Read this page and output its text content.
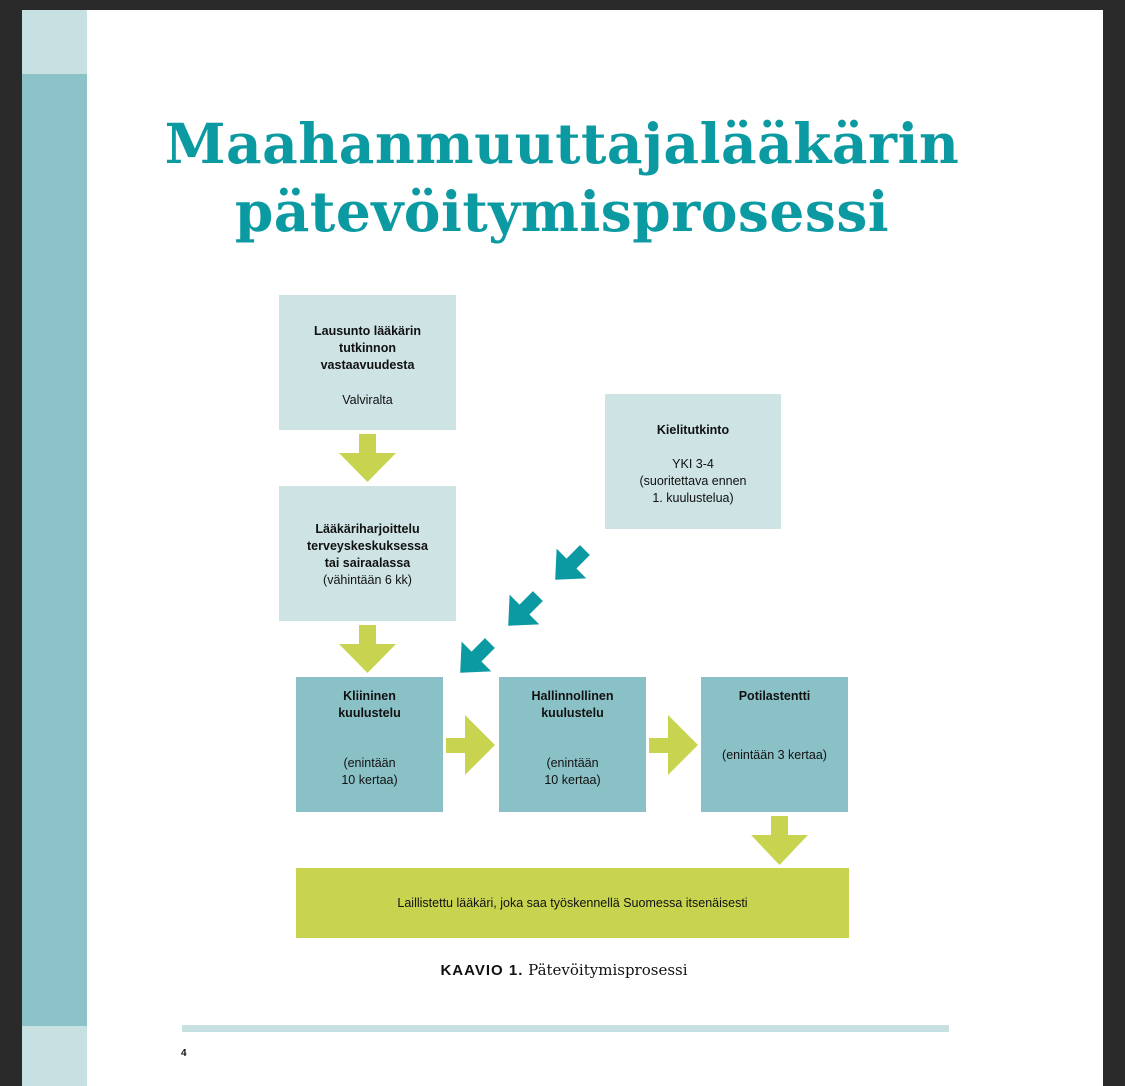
Maahanmuuttajalääkärin
pätevöitymisprosessi
Lausunto lääkärin
tutkinnon
vastaavuudesta
Valviralta
Lääkäriharjoittelu
terveyskeskuksessa
tai sairaalassa
(vähintään 6 kk)
Kielitutkinto
YKI 3-4
(suoritettava ennen
1. kuulustelua)
Kliininen
kuulustelu
(enintään
10 kertaa)
Hallinnollinen
kuulustelu
(enintään
10 kertaa)
Potilastentti
(enintään 3 kertaa)
Laillistettu lääkäri, joka saa työskennellä Suomessa itsenäisesti
KAAVIO 1. Pätevöitymisprosessi
4
